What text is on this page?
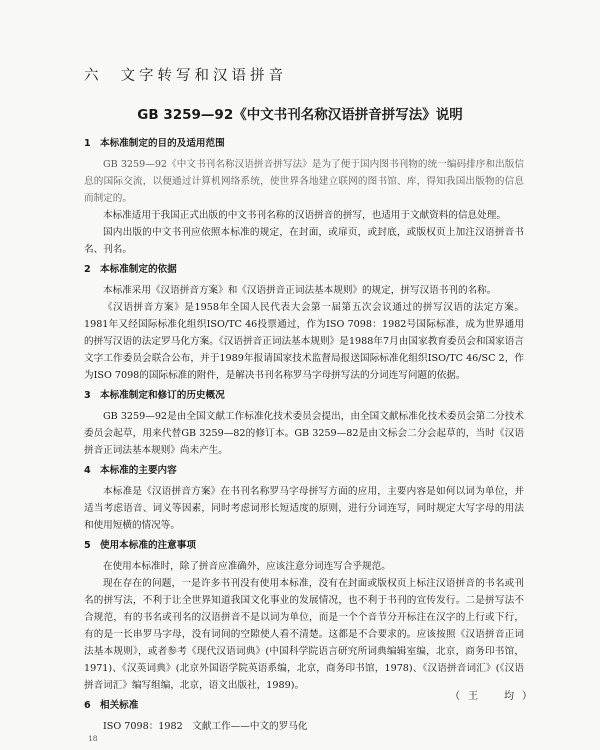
六 文字转写和汉语拼音
GB 3259—92《中文书刊名称汉语拼音拼写法》说明
1 本标准制定的目的及适用范围

GB 3259—92《中文书刊名称汉语拼音拼写法》是为了便于国内图书刊物的统一编码排序和出版信息的国际交流，以便通过计算机网络系统，使世界各地建立联网的图书馆、库，得知我国出版物的信息而制定的。

本标准适用于我国正式出版的中文书刊名称的汉语拼音的拼写，也适用于文献资料的信息处理。

国内出版的中文书刊应依照本标准的规定，在封面，或扉页，或封底，或版权页上加注汉语拼音书名、刊名。

2 本标准制定的依据

本标准采用《汉语拼音方案》和《汉语拼音正词法基本规则》的规定，拼写汉语书刊的名称。

《汉语拼音方案》是1958年全国人民代表大会第一届第五次会议通过的拼写汉语的法定方案。1981年又经国际标准化组织ISO/TC 46投票通过，作为ISO 7098：1982号国际标准，成为世界通用的拼写汉语的法定罗马化方案。《汉语拼音正词法基本规则》是1988年7月由国家教育委员会和国家语言文字工作委员会联合公布，并于1989年报请国家技术监督局报送国际标准化组织ISO/TC 46/SC 2，作为ISO 7098的国际标准的附件，是解决书刊名称罗马字母拼写法的分词连写问题的依据。

3 本标准制定和修订的历史概况

GB 3259—92是由全国文献工作标准化技术委员会提出，由全国文献标准化技术委员会第二分技术委员会起草，用来代替GB 3259—82的修订本。GB 3259—82是由文标会二分会起草的，当时《汉语拼音正词法基本规则》尚未产生。

4 本标准的主要内容

本标准是《汉语拼音方案》在书刊名称罗马字母拼写方面的应用，主要内容是如何以词为单位，并适当考虑语音、词义等因素，同时考虑词形长短适度的原则，进行分词连写，同时规定大写字母的用法和使用短横的情况等。

5 使用本标准的注意事项

在使用本标准时，除了拼音应准确外，应该注意分词连写合乎规范。

现在存在的问题，一是许多书刊没有使用本标准，没有在封面或版权页上标注汉语拼音的书名或刊名的拼写法，不利于让全世界知道我国文化事业的发展情况，也不利于书刊的宣传发行。二是拼写法不合规范，有的书名或刊名的汉语拼音不是以词为单位，而是一个个音节分开标注在汉字的上行或下行，有的是一长串罗马字母，没有词间的空隙使人看不清楚。这都是不合要求的。应该按照《汉语拼音正词法基本规则》，或者参考《现代汉语词典》(中国科学院语言研究所词典编辑室编，北京，商务印书馆，1971)、《汉英词典》(北京外国语学院英语系编，北京，商务印书馆，1978)、《汉语拼音词汇》(《汉语拼音词汇》编写组编，北京，语文出版社，1989)。

6 相关标准

ISO 7098：1982　文献工作——中文的罗马化

（王　均）
18
